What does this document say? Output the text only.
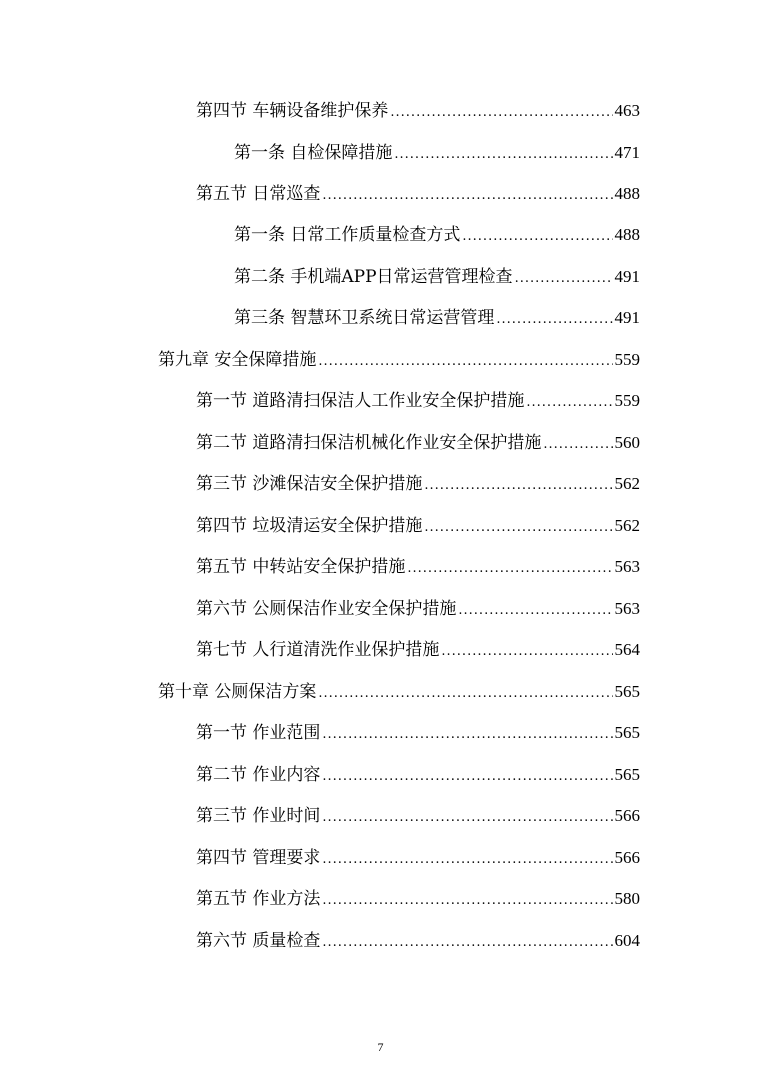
第四节 车辆设备维护保养 .....	463
第一条 自检保障措施 .....	471
第五节 日常巡查 .....	488
第一条 日常工作质量检查方式 .....	488
第二条 手机端APP日常运营管理检查 .....	491
第三条 智慧环卫系统日常运营管理 .....	491
第九章 安全保障措施 .....	559
第一节 道路清扫保洁人工作业安全保护措施 .....	559
第二节 道路清扫保洁机械化作业安全保护措施 .....	560
第三节 沙滩保洁安全保护措施 .....	562
第四节 垃圾清运安全保护措施 .....	562
第五节 中转站安全保护措施 .....	563
第六节 公厕保洁作业安全保护措施 .....	563
第七节 人行道清洗作业保护措施 .....	564
第十章 公厕保洁方案 .....	565
第一节 作业范围 .....	565
第二节 作业内容 .....	565
第三节 作业时间 .....	566
第四节 管理要求 .....	566
第五节 作业方法 .....	580
第六节 质量检查 .....	604
7
